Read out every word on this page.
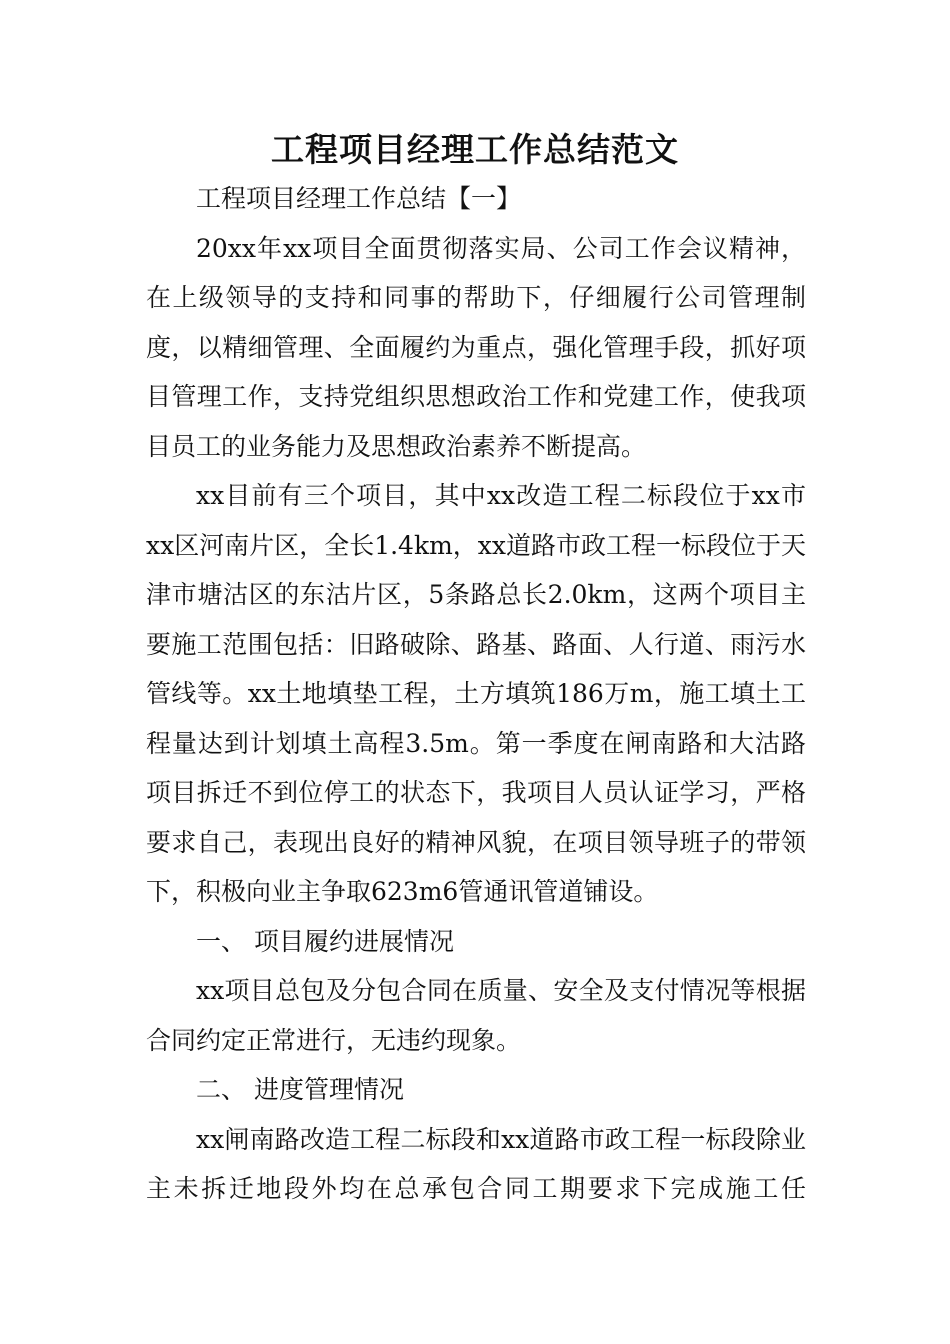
工程项目经理工作总结范文

工程项目经理工作总结【一】

20xx年xx项目全面贯彻落实局、公司工作会议精神，在上级领导的支持和同事的帮助下，仔细履行公司管理制度，以精细管理、全面履约为重点，强化管理手段，抓好项目管理工作，支持党组织思想政治工作和党建工作，使我项目员工的业务能力及思想政治素养不断提高。

xx目前有三个项目，其中xx改造工程二标段位于xx市xx区河南片区，全长1.4km，xx道路市政工程一标段位于天津市塘沽区的东沽片区，5条路总长2.0km，这两个项目主要施工范围包括：旧路破除、路基、路面、人行道、雨污水管线等。xx土地填垫工程，土方填筑186万m，施工填土工程量达到计划填土高程3.5m。第一季度在闸南路和大沽路项目拆迁不到位停工的状态下，我项目人员认证学习，严格要求自己，表现出良好的精神风貌，在项目领导班子的带领下，积极向业主争取623m6管通讯管道铺设。

一、 项目履约进展情况

xx项目总包及分包合同在质量、安全及支付情况等根据合同约定正常进行，无违约现象。

二、 进度管理情况

xx闸南路改造工程二标段和xx道路市政工程一标段除业主未拆迁地段外均在总承包合同工期要求下完成施工任
